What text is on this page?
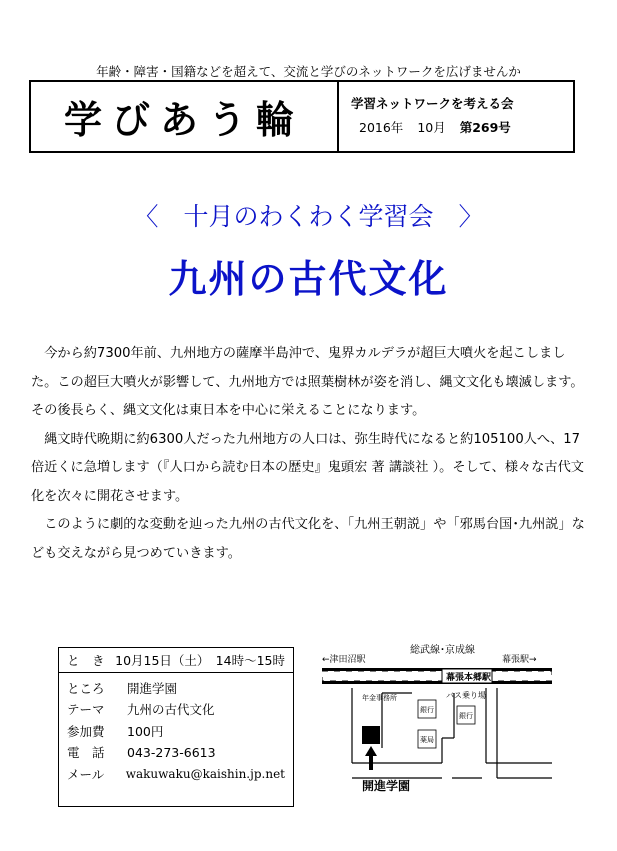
年齢・障害・国籍などを超えて、交流と学びのネットワークを広げませんか
学びあう輪	学習ネットワークを考える会
2016年 10月 第269号
〈　十月のわくわく学習会　〉
九州の古代文化

今から約7300年前、九州地方の薩摩半島沖で、鬼界カルデラが超巨大噴火を起こしました。この超巨大噴火が影響して、九州地方では照葉樹林が姿を消し、縄文文化も壊滅します。その後長らく、縄文文化は東日本を中心に栄えることになります。

縄文時代晩期に約6300人だった九州地方の人口は、弥生時代になると約105100人へ、17倍近くに急増します（『人口から読む日本の歴史』鬼頭宏 著 講談社 ）。そして、様々な古代文化を次々に開花させます。

このように劇的な変動を辿った九州の古代文化を、「九州王朝説」や「邪馬台国･九州説」なども交えながら見つめていきます。

と　き 10月15日（土）　14時～15時
ところ	開進学園
テーマ	九州の古代文化
参加費	100円
電　話	043-273-6613
メール	wakuwaku@kaishin.jp.net
←津田沼駅
総武線･京成線
幕張駅→
幕張本郷駅
年金事務所
銀行
銀行
薬局
バス乗り場
開進学園
